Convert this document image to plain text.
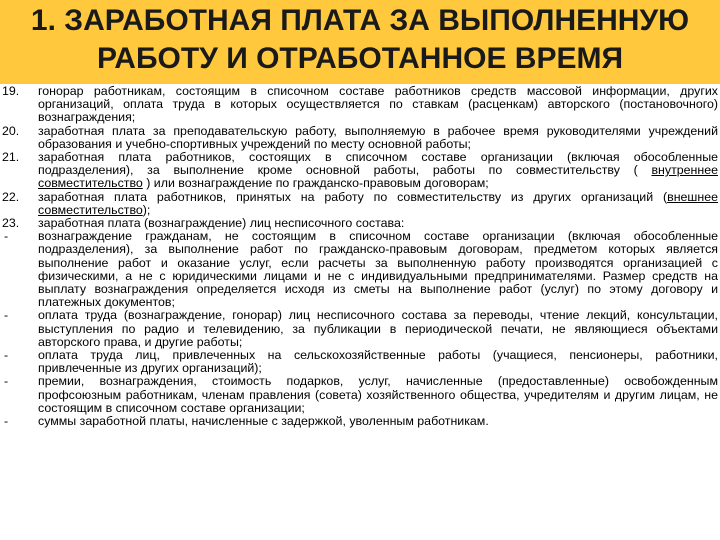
1. ЗАРАБОТНАЯ ПЛАТА ЗА ВЫПОЛНЕННУЮ
РАБОТУ И ОТРАБОТАННОЕ ВРЕМЯ
19.	гонорар работникам, состоящим в списочном составе работников средств массовой информации, других организаций, оплата труда в которых осуществляется по ставкам (расценкам) авторского (постановочного) вознаграждения;
20.	заработная плата за преподавательскую работу, выполняемую в рабочее время руководителями учреждений образования и учебно-спортивных учреждений по месту основной работы;
21.	заработная плата работников, состоящих в списочном составе организации (включая обособленные подразделения), за выполнение кроме основной работы, работы по совместительству ( внутреннее совместительство ) или вознаграждение по гражданско-правовым договорам;
22.	заработная плата работников, принятых на работу по совместительству из других организаций (внешнее совместительство);
23.	заработная плата (вознаграждение) лиц несписочного состава:
-	вознаграждение гражданам, не состоящим в списочном составе организации (включая обособленные подразделения), за выполнение работ по гражданско-правовым договорам, предметом которых является выполнение работ и оказание услуг, если расчеты за выполненную работу производятся организацией с физическими, а не с юридическими лицами и не с индивидуальными предпринимателями. Размер средств на выплату вознаграждения определяется исходя из сметы на выполнение работ (услуг) по этому договору и платежных документов;
-	оплата труда (вознаграждение, гонорар) лиц несписочного состава за переводы, чтение лекций, консультации, выступления по радио и телевидению, за публикации в периодической печати, не являющиеся объектами авторского права, и другие работы;
-	оплата труда лиц, привлеченных на сельскохозяйственные работы (учащиеся, пенсионеры, работники, привлеченные из других организаций);
-	премии, вознаграждения, стоимость подарков, услуг, начисленные (предоставленные) освобожденным профсоюзным работникам, членам правления (совета) хозяйственного общества, учредителям и другим лицам, не состоящим в списочном составе организации;
-	суммы заработной платы, начисленные с задержкой, уволенным работникам.
